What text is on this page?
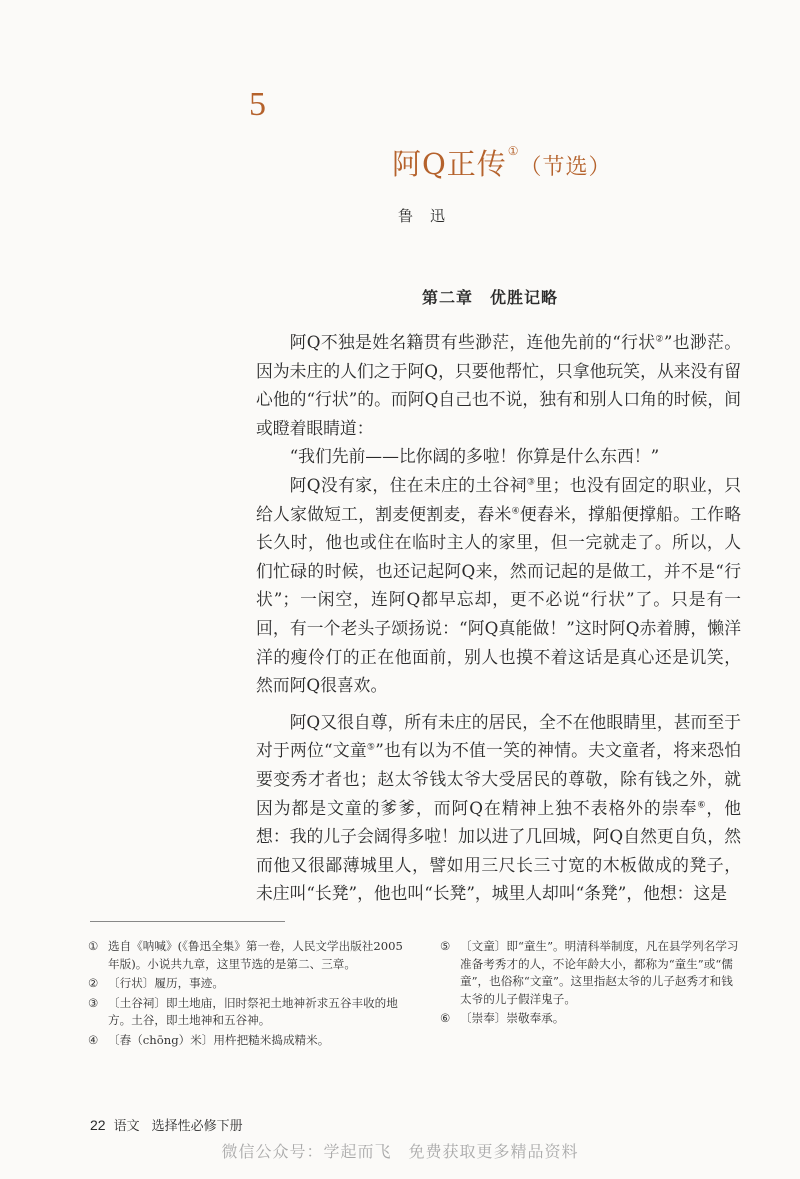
5
阿Q正传①（节选）
鲁迅
第二章　优胜记略

阿Q不独是姓名籍贯有些渺茫，连他先前的“行状②”也渺茫。因为未庄的人们之于阿Q，只要他帮忙，只拿他玩笑，从来没有留心他的“行状”的。而阿Q自己也不说，独有和别人口角的时候，间或瞪着眼睛道：

“我们先前——比你阔的多啦！你算是什么东西！”

阿Q没有家，住在未庄的土谷祠③里；也没有固定的职业，只给人家做短工，割麦便割麦，舂米④便舂米，撑船便撑船。工作略长久时，他也或住在临时主人的家里，但一完就走了。所以，人们忙碌的时候，也还记起阿Q来，然而记起的是做工，并不是“行状”；一闲空，连阿Q都早忘却，更不必说“行状”了。只是有一回，有一个老头子颂扬说：“阿Q真能做！”这时阿Q赤着膊，懒洋洋的瘦伶仃的正在他面前，别人也摸不着这话是真心还是讥笑，然而阿Q很喜欢。

阿Q又很自尊，所有未庄的居民，全不在他眼睛里，甚而至于对于两位“文童⑤”也有以为不值一笑的神情。夫文童者，将来恐怕要变秀才者也；赵太爷钱太爷大受居民的尊敬，除有钱之外，就因为都是文童的爹爹，而阿Q在精神上独不表格外的崇奉⑥，他想：我的儿子会阔得多啦！加以进了几回城，阿Q自然更自负，然而他又很鄙薄城里人，譬如用三尺长三寸宽的木板做成的凳子，未庄叫“长凳”，他也叫“长凳”，城里人却叫“条凳”，他想：这是

① 选自《呐喊》(《鲁迅全集》第一卷，人民文学出版社2005年版)。小说共九章，这里节选的是第二、三章。
② 〔行状〕履历，事迹。
③ 〔土谷祠〕即土地庙，旧时祭祀土地神祈求五谷丰收的地方。土谷，即土地神和五谷神。
④ 〔舂（chōng）米〕用杵把糙米捣成精米。
⑤ 〔文童〕即“童生”。明清科举制度，凡在县学列名学习准备考秀才的人，不论年龄大小，都称为“童生”或“儒童”，也俗称“文童”。这里指赵太爷的儿子赵秀才和钱太爷的儿子假洋鬼子。
⑥ 〔崇奉〕崇敬奉承。
22 语文 选择性必修下册
微信公众号：学起而飞　免费获取更多精品资料
